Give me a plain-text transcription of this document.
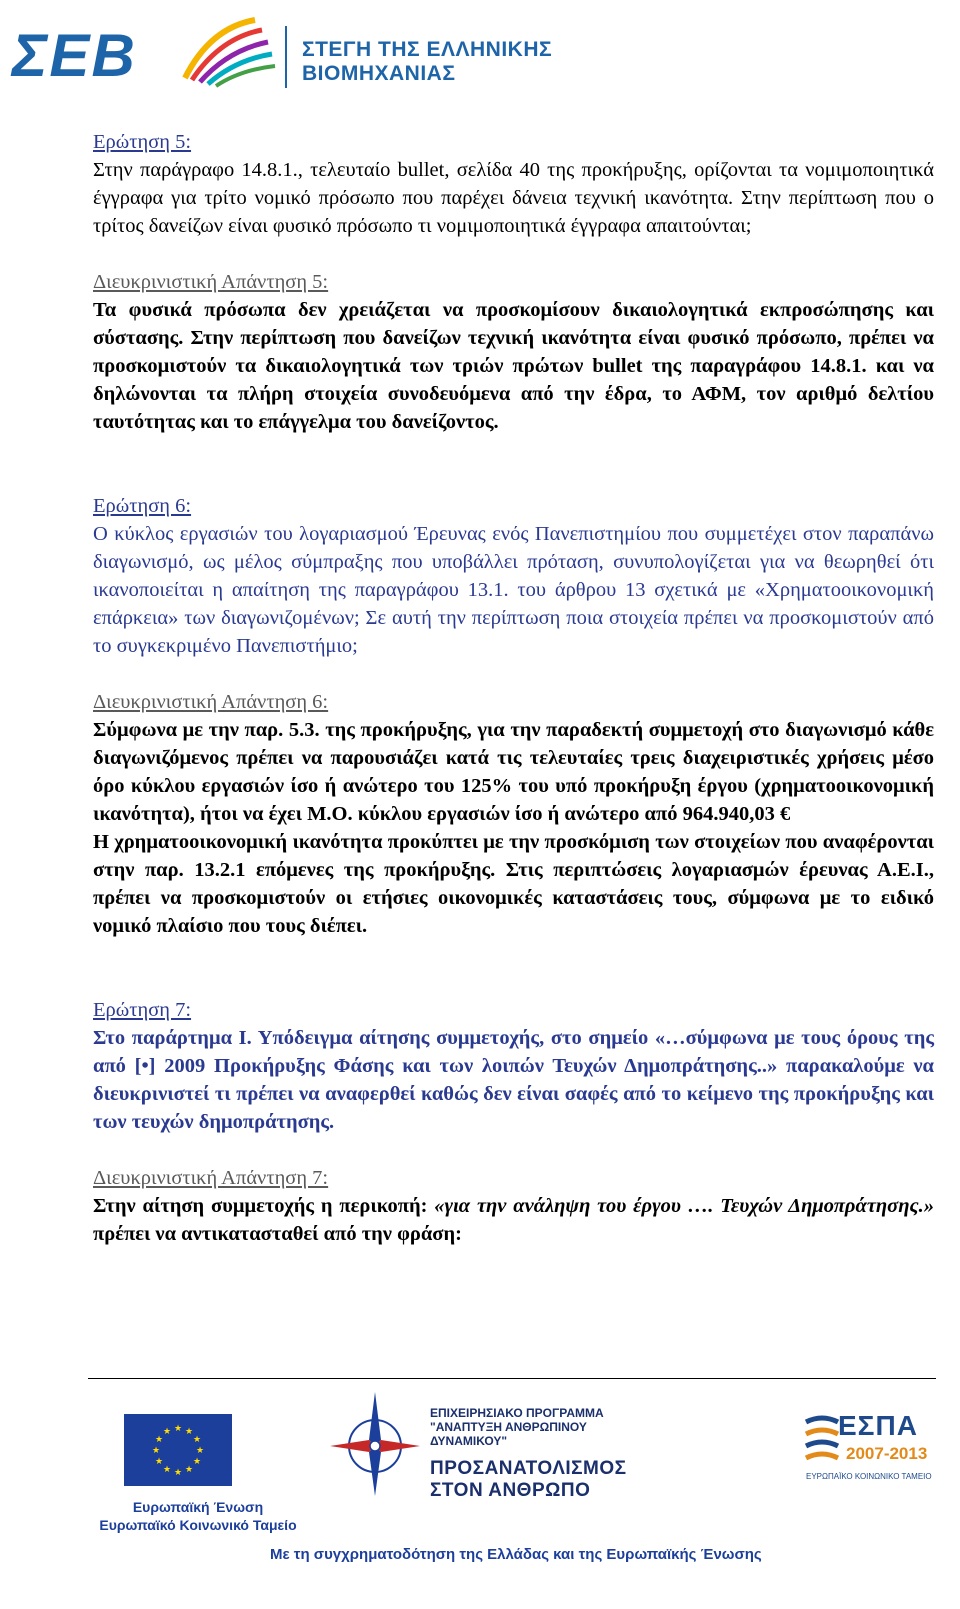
ΣΕΒ	ΣΤΕΓΗ ΤΗΣ ΕΛΛΗΝΙΚΗΣ
ΒΙΟΜΗΧΑΝΙΑΣ
Ερώτηση 5:
Στην παράγραφο 14.8.1., τελευταίο bullet, σελίδα 40 της προκήρυξης, ορίζονται τα νομιμοποιητικά έγγραφα για τρίτο νομικό πρόσωπο που παρέχει δάνεια τεχνική ικανότητα. Στην περίπτωση που ο τρίτος δανείζων είναι φυσικό πρόσωπο τι νομιμοποιητικά έγγραφα απαιτούνται;
Διευκρινιστική Απάντηση 5:
Τα φυσικά πρόσωπα δεν χρειάζεται να προσκομίσουν δικαιολογητικά εκπροσώπησης και σύστασης. Στην περίπτωση που δανείζων τεχνική ικανότητα είναι φυσικό πρόσωπο, πρέπει να προσκομιστούν τα δικαιολογητικά των τριών πρώτων bullet της παραγράφου 14.8.1. και να δηλώνονται τα πλήρη στοιχεία συνοδευόμενα από την έδρα, το ΑΦΜ, τον αριθμό δελτίου ταυτότητας και το επάγγελμα του δανείζοντος.
Ερώτηση 6:
Ο κύκλος εργασιών του λογαριασμού Έρευνας ενός Πανεπιστημίου που συμμετέχει στον παραπάνω διαγωνισμό, ως μέλος σύμπραξης που υποβάλλει πρόταση, συνυπολογίζεται για να θεωρηθεί ότι ικανοποιείται η απαίτηση της παραγράφου 13.1. του άρθρου 13 σχετικά με «Χρηματοοικονομική επάρκεια» των διαγωνιζομένων; Σε αυτή την περίπτωση ποια στοιχεία πρέπει να προσκομιστούν από το συγκεκριμένο Πανεπιστήμιο;
Διευκρινιστική Απάντηση 6:
Σύμφωνα με την παρ. 5.3. της προκήρυξης, για την παραδεκτή συμμετοχή στο διαγωνισμό κάθε διαγωνιζόμενος πρέπει να παρουσιάζει κατά τις τελευταίες τρεις διαχειριστικές χρήσεις μέσο όρο κύκλου εργασιών ίσο ή ανώτερο του 125% του υπό προκήρυξη έργου (χρηματοοικονομική ικανότητα), ήτοι να έχει Μ.Ο. κύκλου εργασιών ίσο ή ανώτερο από 964.940,03 €
Η χρηματοοικονομική ικανότητα προκύπτει με την προσκόμιση των στοιχείων που αναφέρονται στην παρ. 13.2.1 επόμενες της προκήρυξης. Στις περιπτώσεις λογαριασμών έρευνας Α.Ε.Ι., πρέπει να προσκομιστούν οι ετήσιες οικονομικές καταστάσεις τους, σύμφωνα με το ειδικό νομικό πλαίσιο που τους διέπει.
Ερώτηση 7:
Στο παράρτημα Ι. Υπόδειγμα αίτησης συμμετοχής, στο σημείο «…σύμφωνα με τους όρους της από [•] 2009 Προκήρυξης Φάσης και των λοιπών Τευχών Δημοπράτησης..» παρακαλούμε να διευκρινιστεί τι πρέπει να αναφερθεί καθώς δεν είναι σαφές από το κείμενο της προκήρυξης και των τευχών δημοπράτησης.
Διευκρινιστική Απάντηση 7:
Στην αίτηση συμμετοχής η περικοπή: «για την ανάληψη του έργου …. Τευχών Δημοπράτησης.» πρέπει να αντικατασταθεί από την φράση:
★ ★
★
★
★
★
★
★
★
★
★
★
Ευρωπαϊκή Ένωση
Ευρωπαϊκό Κοινωνικό Ταμείο
ΕΠΙΧΕΙΡΗΣΙΑΚΟ ΠΡΟΓΡΑΜΜΑ
"ΑΝΑΠΤΥΞΗ ΑΝΘΡΩΠΙΝΟΥ ΔΥΝΑΜΙΚΟΥ"
ΠΡΟΣΑΝΑΤΟΛΙΣΜΟΣ
ΣΤΟΝ ΑΝΘΡΩΠΟ
ΕΣΠΑ
2007-2013
ΕΥΡΩΠΑΪΚΟ ΚΟΙΝΩΝΙΚΟ ΤΑΜΕΙΟ
Με τη συγχρηματοδότηση της Ελλάδας και της Ευρωπαϊκής Ένωσης
